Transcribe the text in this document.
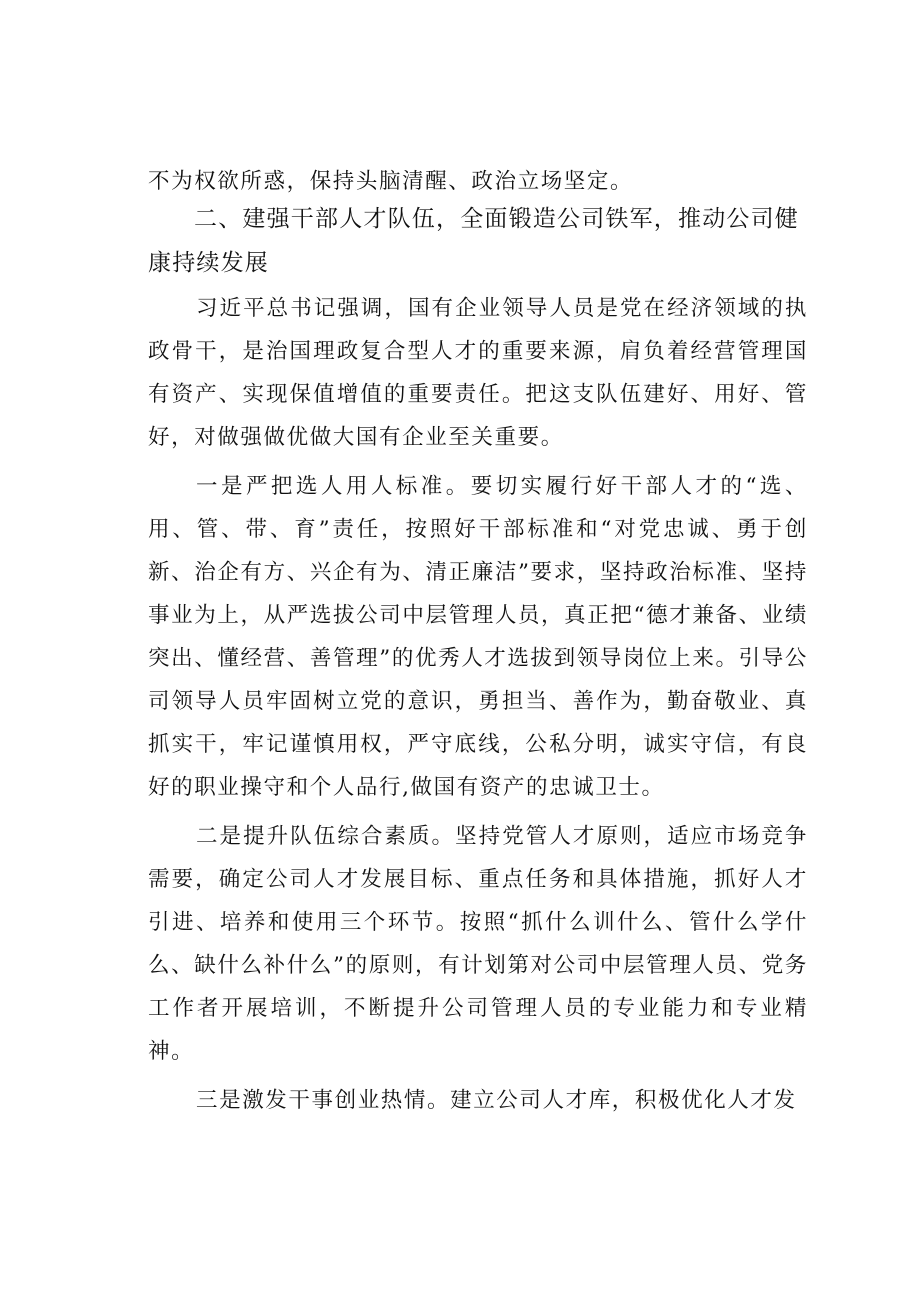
不为权欲所惑，保持头脑清醒、政治立场坚定。

二、建强干部人才队伍，全面锻造公司铁军，推动公司健康持续发展

习近平总书记强调，国有企业领导人员是党在经济领域的执政骨干，是治国理政复合型人才的重要来源，肩负着经营管理国有资产、实现保值增值的重要责任。把这支队伍建好、用好、管好，对做强做优做大国有企业至关重要。

一是严把选人用人标准。要切实履行好干部人才的“选、用、管、带、育”责任，按照好干部标准和“对党忠诚、勇于创新、治企有方、兴企有为、清正廉洁”要求，坚持政治标准、坚持事业为上，从严选拔公司中层管理人员，真正把“德才兼备、业绩突出、懂经营、善管理”的优秀人才选拔到领导岗位上来。引导公司领导人员牢固树立党的意识，勇担当、善作为，勤奋敬业、真抓实干，牢记谨慎用权，严守底线，公私分明，诚实守信，有良好的职业操守和个人品行,做国有资产的忠诚卫士。

二是提升队伍综合素质。坚持党管人才原则，适应市场竞争需要，确定公司人才发展目标、重点任务和具体措施，抓好人才引进、培养和使用三个环节。按照“抓什么训什么、管什么学什么、缺什么补什么”的原则，有计划第对公司中层管理人员、党务工作者开展培训，不断提升公司管理人员的专业能力和专业精神。

三是激发干事创业热情。建立公司人才库，积极优化人才发
